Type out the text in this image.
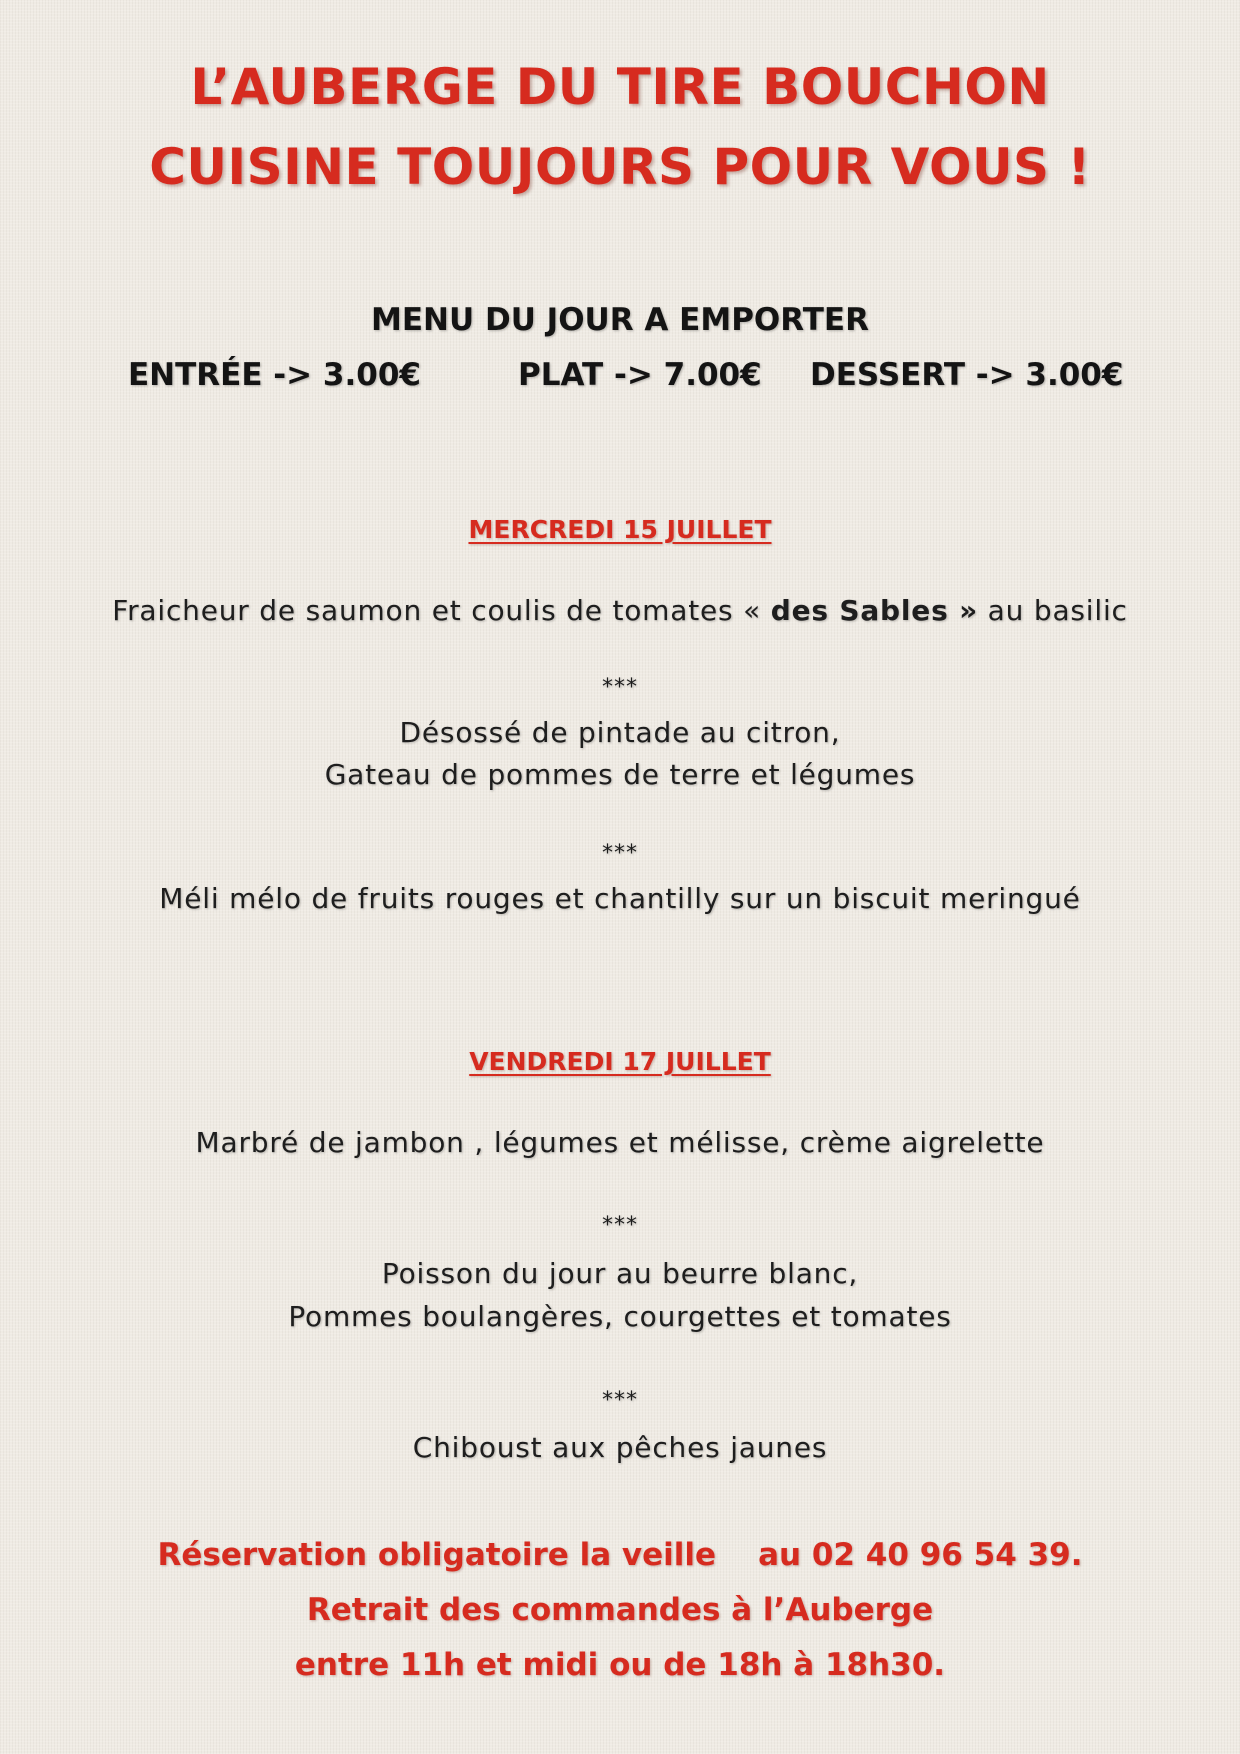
L’AUBERGE DU TIRE BOUCHON
CUISINE TOUJOURS POUR VOUS !
MENU DU JOUR A EMPORTER
ENTRÉE -> 3.00€	PLAT -> 7.00€ DESSERT -> 3.00€
MERCREDI 15 JUILLET
Fraicheur de saumon et coulis de tomates « des Sables » au basilic
***
Désossé de pintade au citron,
Gateau de pommes de terre et légumes
***
Méli mélo de fruits rouges et chantilly sur un biscuit meringué
VENDREDI 17 JUILLET
Marbré de jambon , légumes et mélisse, crème aigrelette
***
Poisson du jour au beurre blanc,
Pommes boulangères, courgettes et tomates
***
Chiboust aux pêches jaunes
Réservation obligatoire la veille au 02 40 96 54 39.
Retrait des commandes à l’Auberge
entre 11h et midi ou de 18h à 18h30.
